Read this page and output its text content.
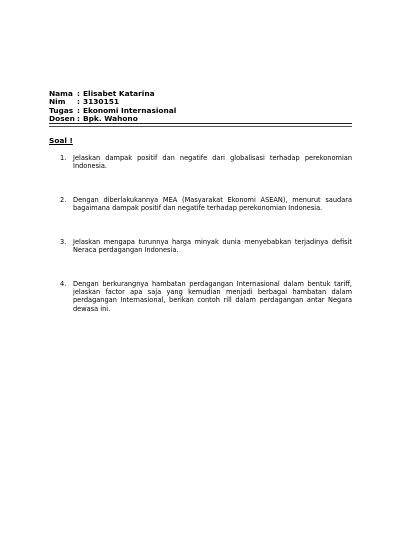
Nama : Elisabet Katarina
Nim	: 3130151
Tugas : Ekonomi Internasional
Dosen : Bpk. Wahono
Soal !
1.	Jelaskan dampak positif dan negatife dari globalisasi terhadap perekonomian Indonesia.
2.	Dengan diberlakukannya MEA (Masyarakat Ekonomi ASEAN), menurut saudara bagaimana dampak positif dan negatife terhadap perekonomian Indonesia.
3.	Jelaskan mengapa turunnya harga minyak dunia menyebabkan terjadinya defisit Neraca perdagangan Indonesia.
4.	Dengan berkurangnya hambatan perdagangan Internasional dalam bentuk tariff, jelaskan factor apa saja yang kemudian menjadi berbagai hambatan dalam perdagangan Internasional, berikan contoh rill dalam perdagangan antar Negara dewasa ini.
